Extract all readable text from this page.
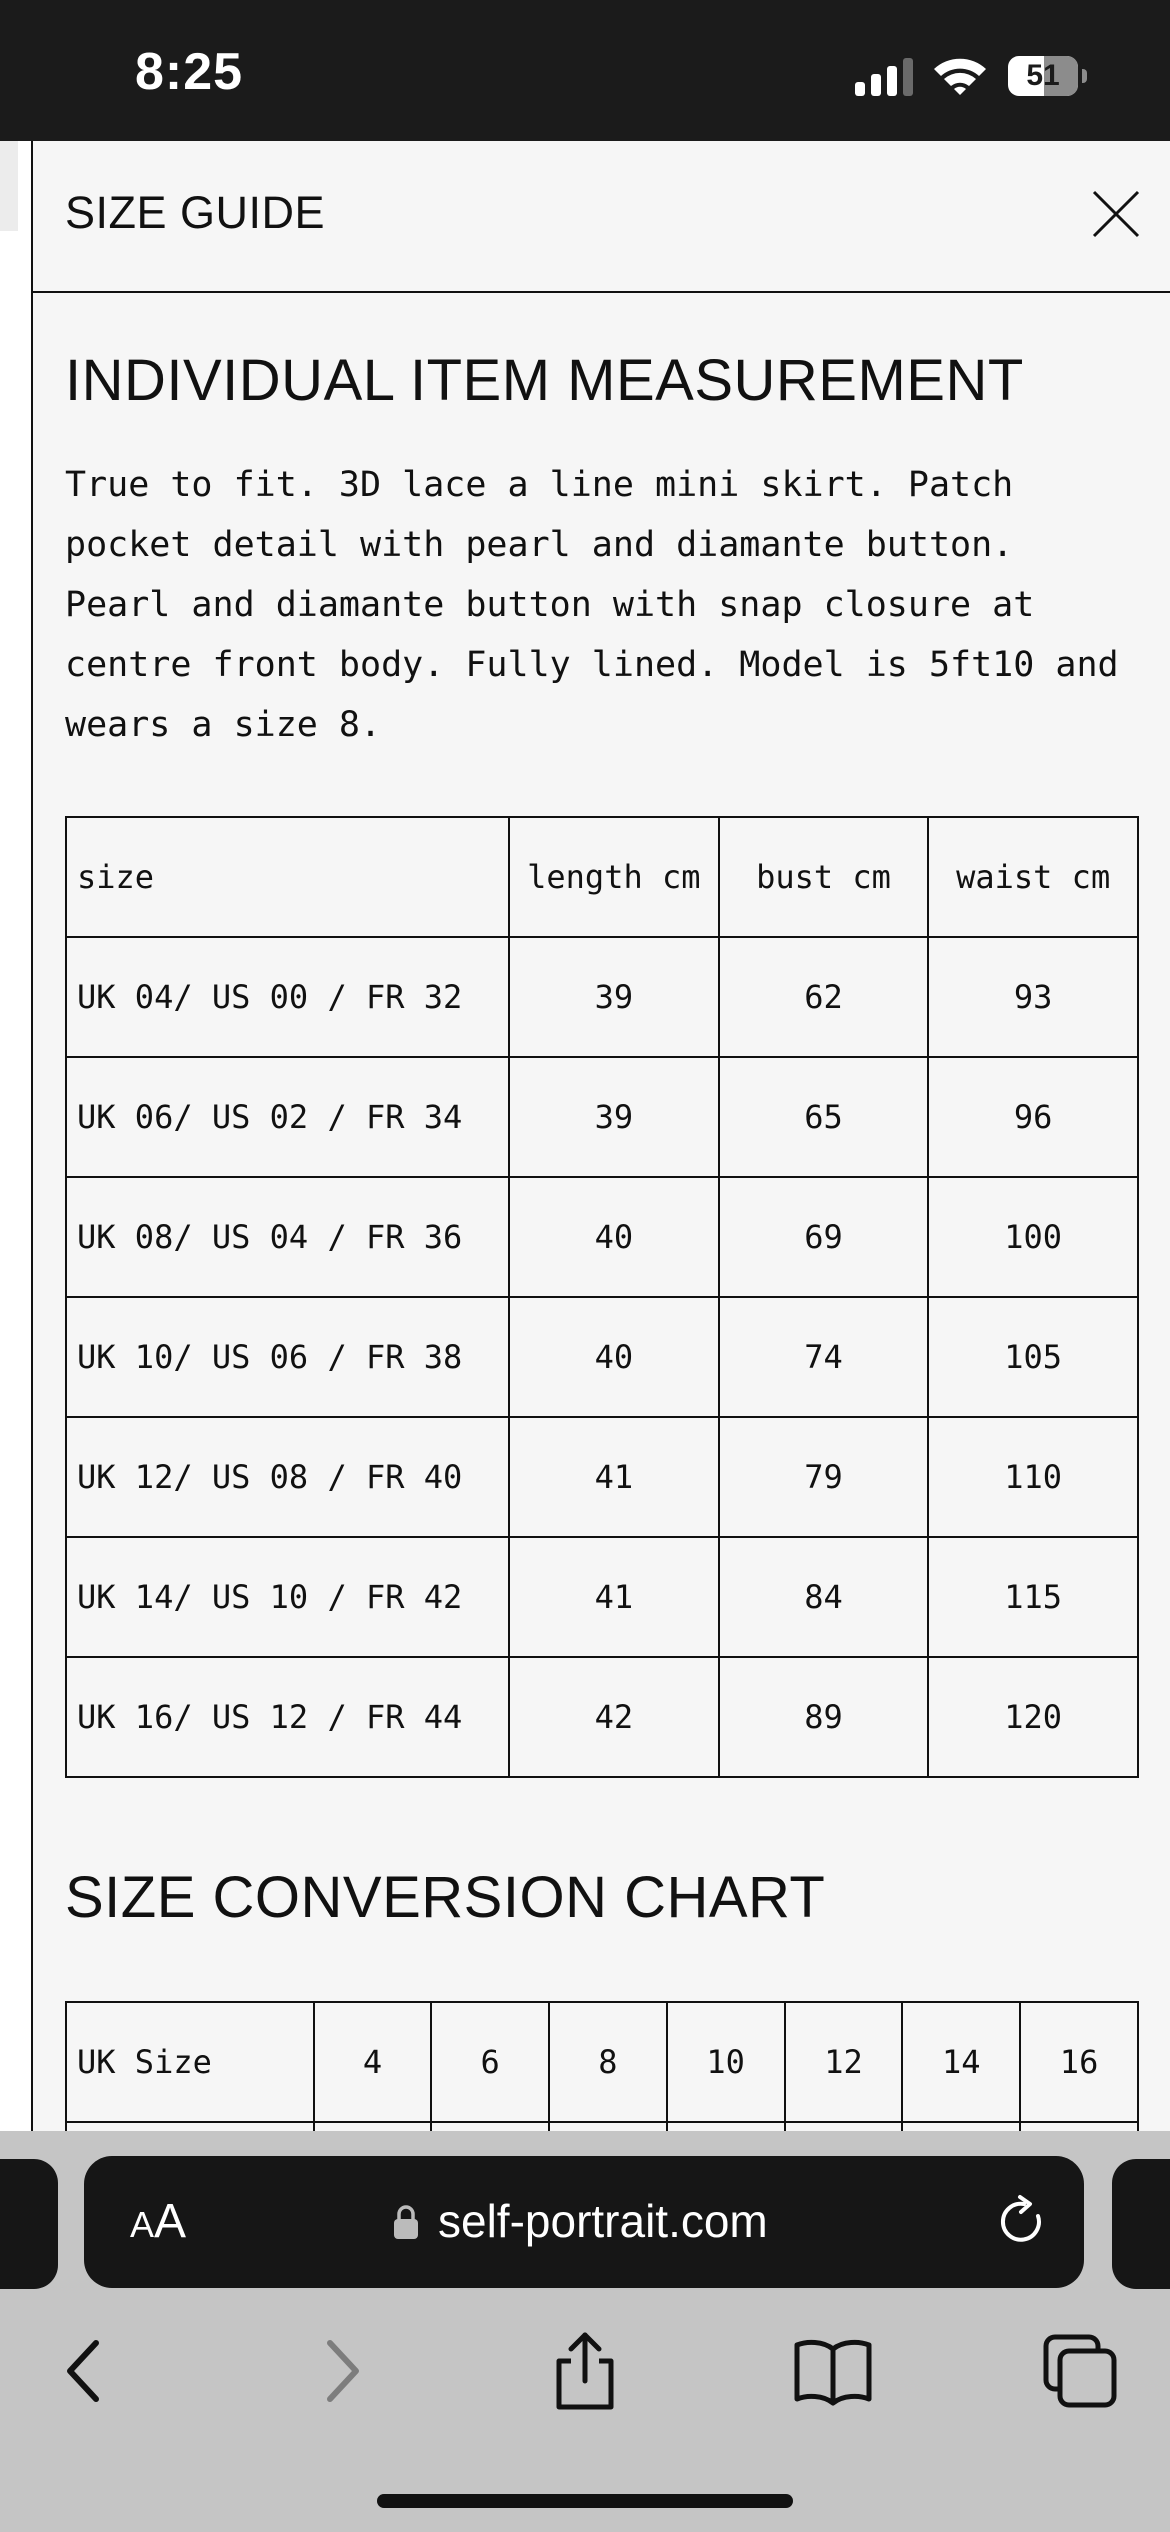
8:25	51
SIZE GUIDE
INDIVIDUAL ITEM MEASUREMENT
True to fit. 3D lace a line mini skirt. Patch pocket detail with pearl and diamante button. Pearl and diamante button with snap closure at centre front body. Fully lined. Model is 5ft10 and wears a size 8.
size	length cm	bust cm	waist cm
UK 04/ US 00 / FR 32	39	62	93
UK 06/ US 02 / FR 34	39	65	96
UK 08/ US 04 / FR 36	40	69	100
UK 10/ US 06 / FR 38	40	74	105
UK 12/ US 08 / FR 40	41	79	110
UK 14/ US 10 / FR 42	41	84	115
UK 16/ US 12 / FR 44	42	89	120
SIZE CONVERSION CHART
UK Size	4	6	8	10	12	14	16

AA	self-portrait.com
